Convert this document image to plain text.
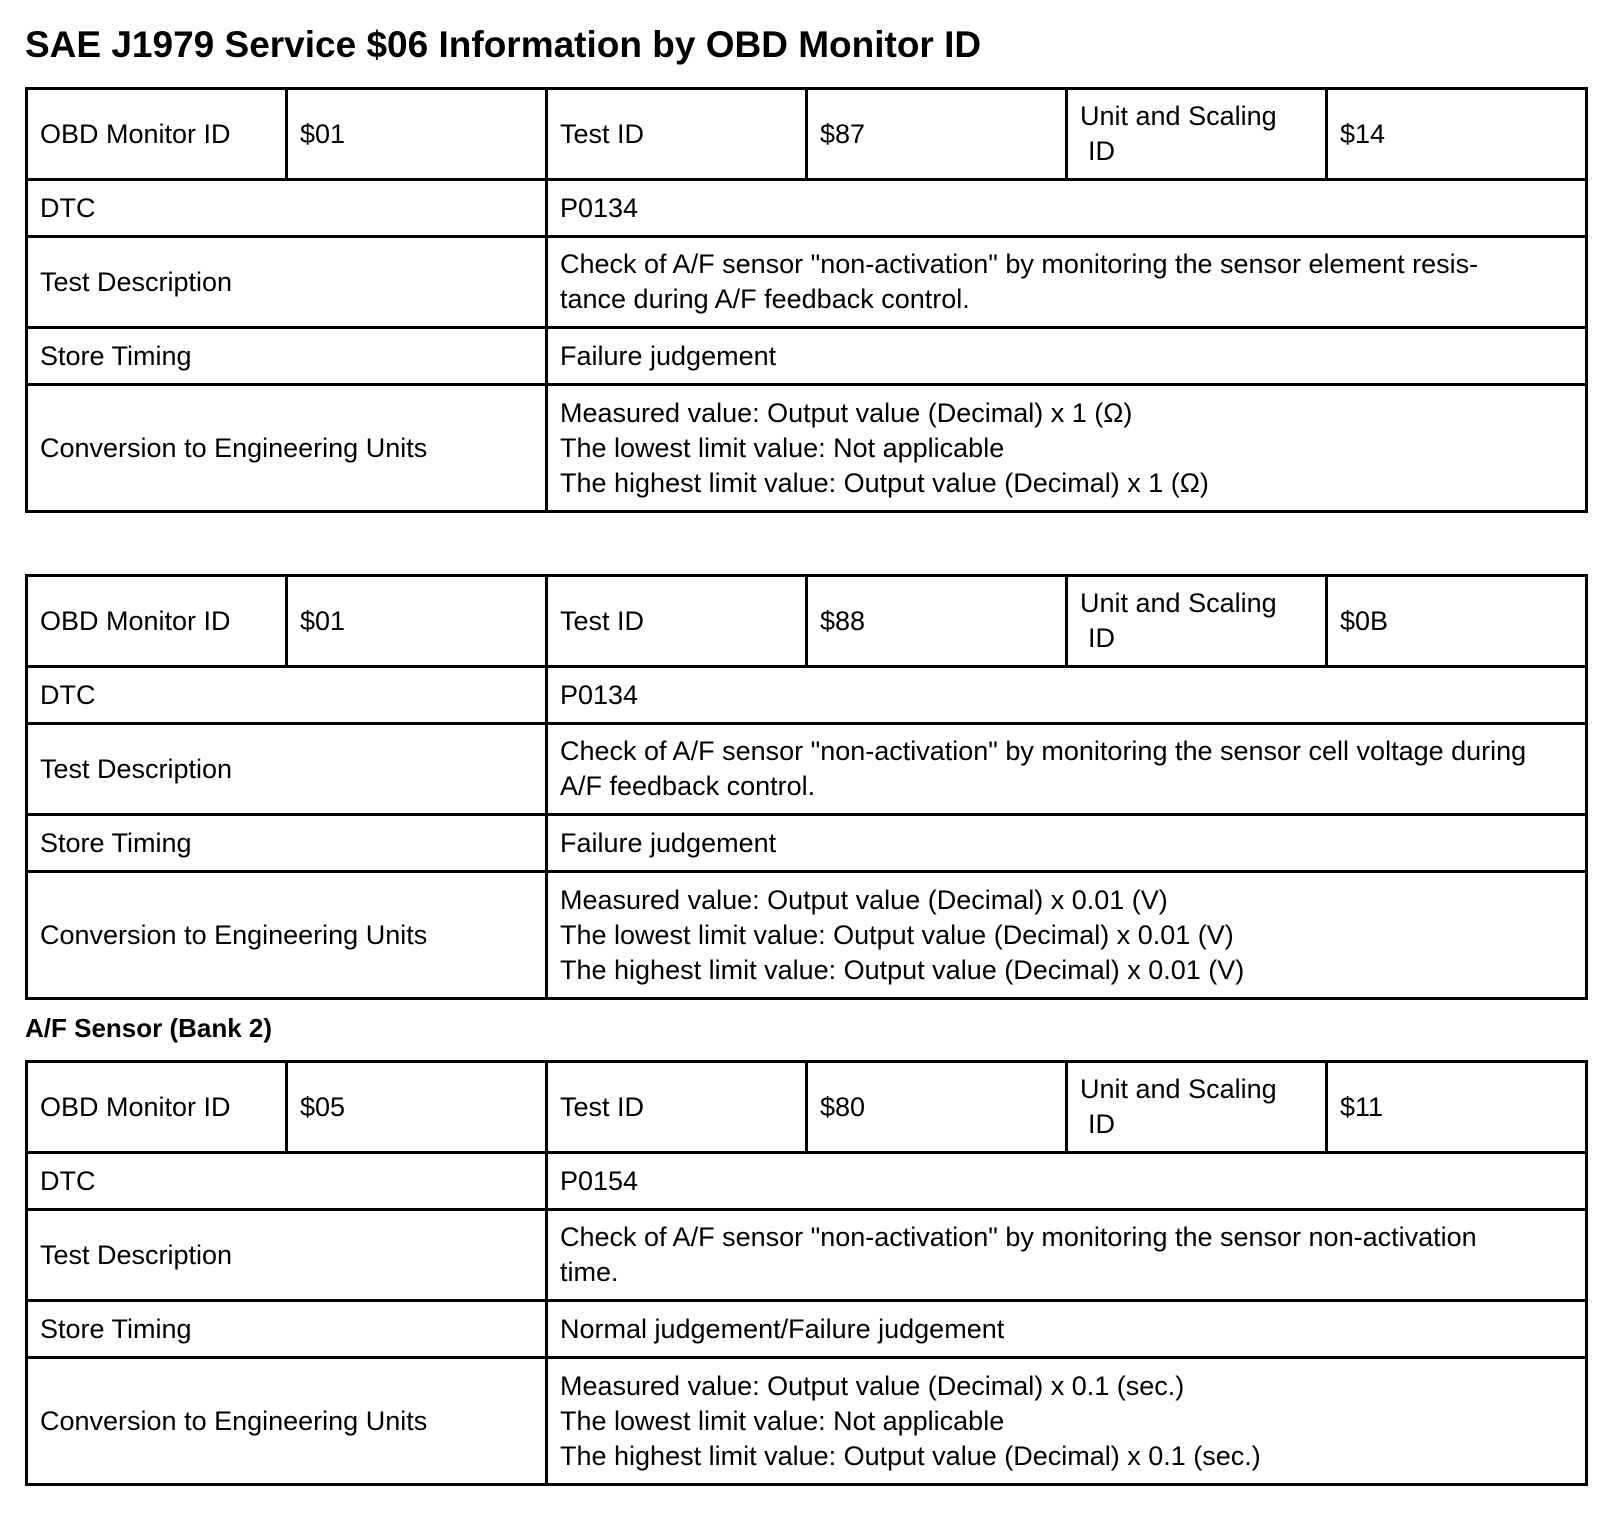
SAE J1979 Service $06 Information by OBD Monitor ID
OBD Monitor ID	$01	Test ID	$87	Unit and Scaling
ID	$14
DTC		P0134			
Test Description		Check of A/F sensor "non-activation" by monitoring the sensor element resis-
tance during A/F feedback control.			

Store Timing		Failure judgement			
Conversion to Engineering Units		Measured value: Output value (Decimal) x 1 (Ω)
The lowest limit value: Not applicable
The highest limit value: Output value (Decimal) x 1 (Ω)			
OBD Monitor ID	$01	Test ID	$88	Unit and Scaling
ID	$0B
DTC		P0134			
Test Description		Check of A/F sensor "non-activation" by monitoring the sensor cell voltage during
A/F feedback control.			

Store Timing		Failure judgement			
Conversion to Engineering Units		Measured value: Output value (Decimal) x 0.01 (V)
The lowest limit value: Output value (Decimal) x 0.01 (V)
The highest limit value: Output value (Decimal) x 0.01 (V)			
A/F Sensor (Bank 2)
OBD Monitor ID	$05	Test ID	$80	Unit and Scaling
ID	$11
DTC		P0154			
Test Description		Check of A/F sensor "non-activation" by monitoring the sensor non-activation
time.			

Store Timing		Normal judgement/Failure judgement			
Conversion to Engineering Units		Measured value: Output value (Decimal) x 0.1 (sec.)
The lowest limit value: Not applicable
The highest limit value: Output value (Decimal) x 0.1 (sec.)			
